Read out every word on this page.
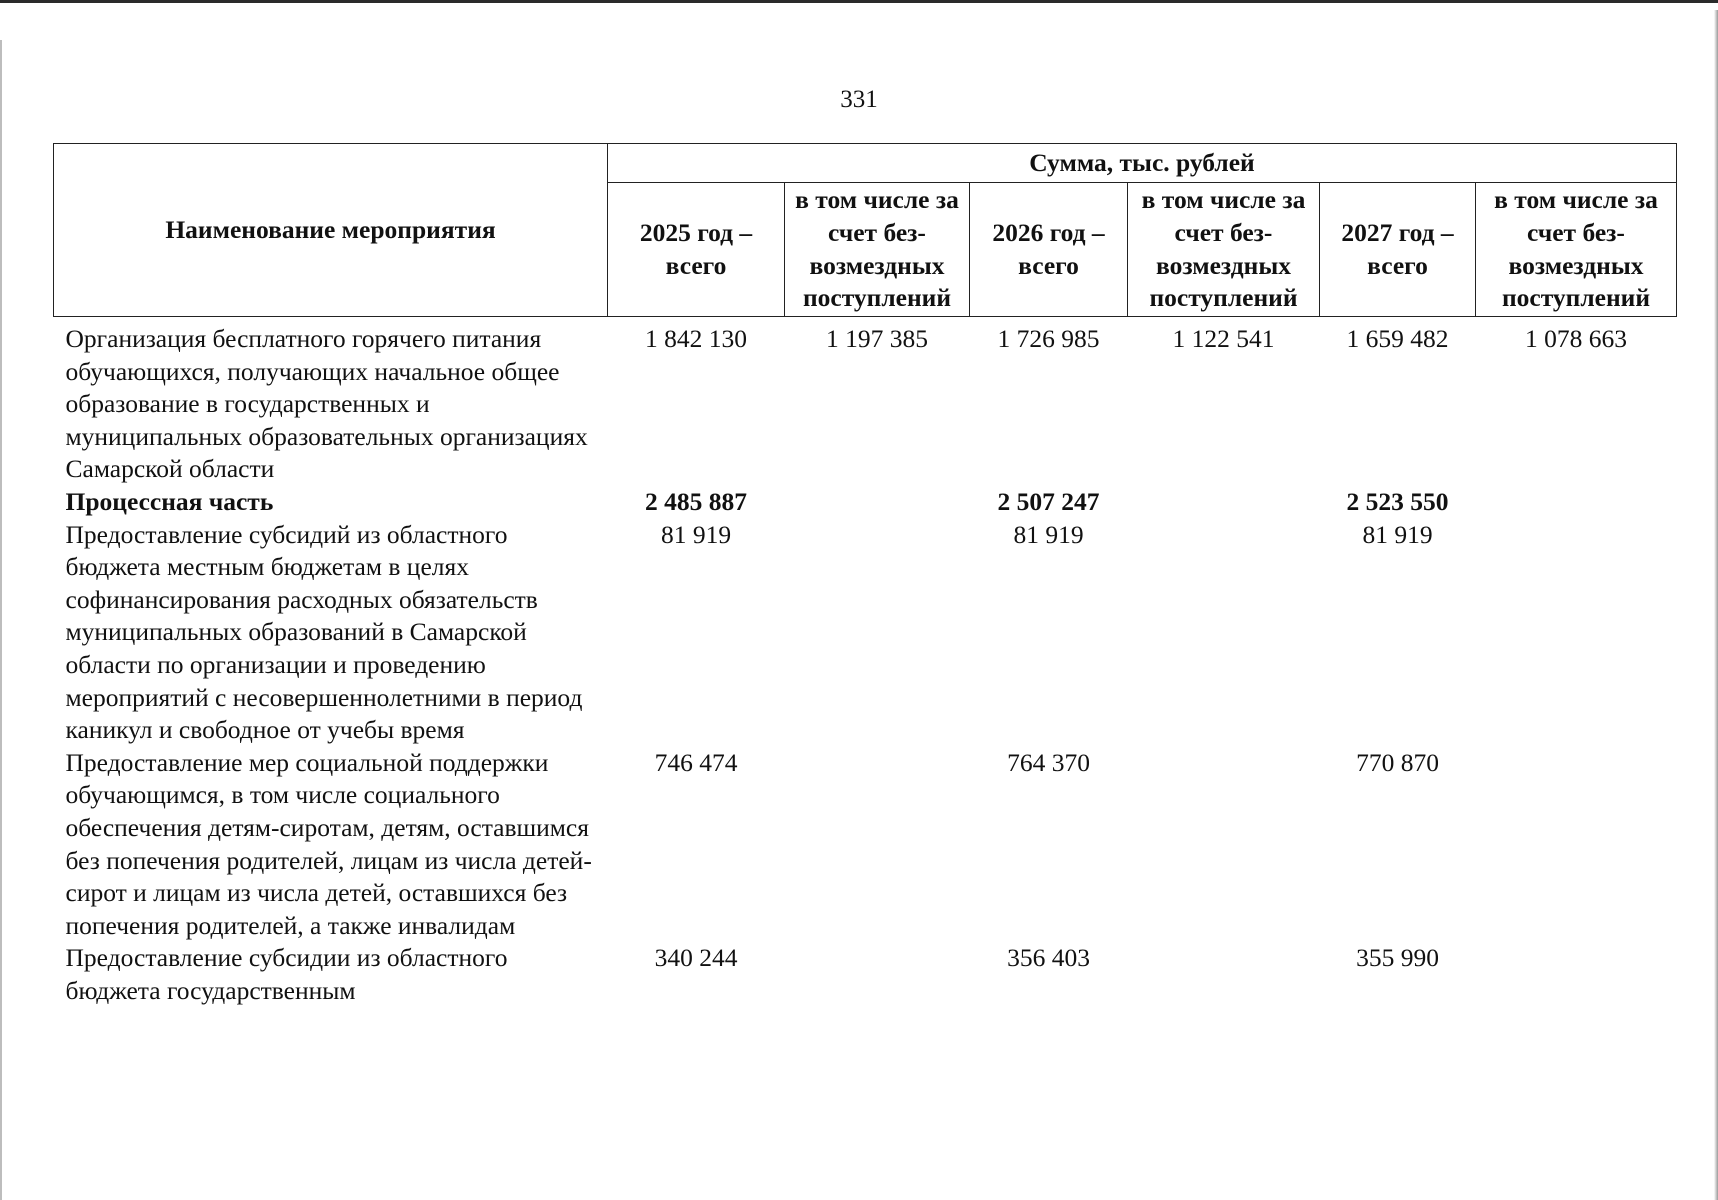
331
Наименование мероприятия	Сумма, тыс. рублей					
	2025 год – всего	в том числе за счет без-возмездных поступлений	2026 год – всего	в том числе за счет без-возмездных поступлений	2027 год – всего	в том числе за счет без-возмездных поступлений
Организация бесплатного горячего питания обучающихся, получающих начальное общее образование в государственных и муниципальных образовательных организациях Самарской области	1 842 130	1 197 385	1 726 985	1 122 541	1 659 482	1 078 663
Процессная часть	2 485 887		2 507 247		2 523 550	
Предоставление субсидий из областного бюджета местным бюджетам в целях софинансирования расходных обязательств муниципальных образований в Самарской области по организации и проведению мероприятий с несовершеннолетними в период каникул и свободное от учебы время	81 919		81 919		81 919	
Предоставление мер социальной поддержки обучающимся, в том числе социального обеспечения детям-сиротам, детям, оставшимся без попечения родителей, лицам из числа детей-сирот и лицам из числа детей, оставшихся без попечения родителей, а также инвалидам	746 474		764 370		770 870	
Предоставление субсидии из областного бюджета государственным	340 244		356 403		355 990	
